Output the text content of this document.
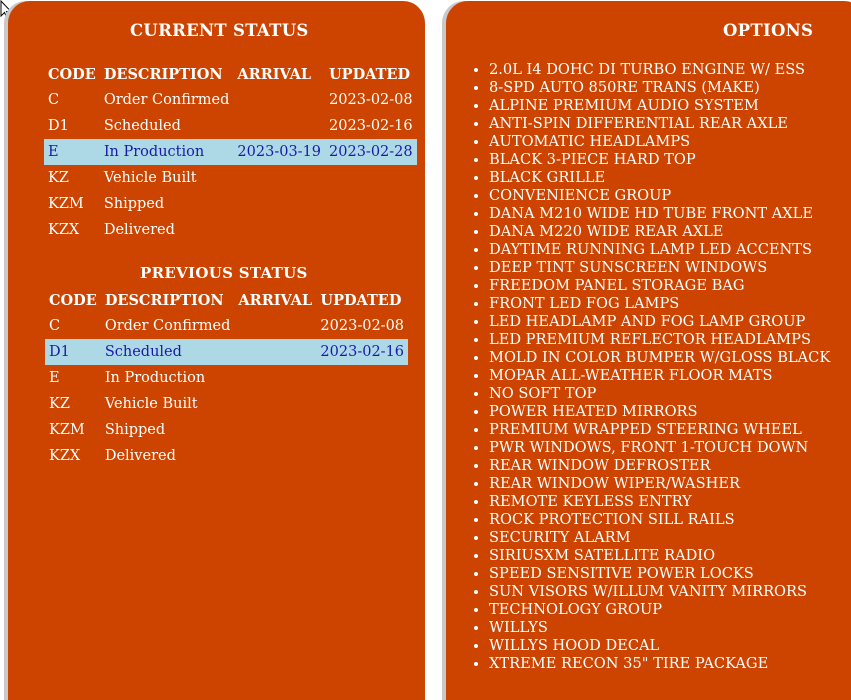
CURRENT STATUS
CODE	DESCRIPTION	ARRIVAL	UPDATED
C	Order Confirmed		2023-02-08
D1	Scheduled		2023-02-16
E	In Production	2023-03-19	2023-02-28
KZ	Vehicle Built		
KZM	Shipped		
KZX	Delivered		
PREVIOUS STATUS
CODE	DESCRIPTION	ARRIVAL	UPDATED
C	Order Confirmed		2023-02-08
D1	Scheduled		2023-02-16
E	In Production		
KZ	Vehicle Built		
KZM	Shipped		
KZX	Delivered		
OPTIONS
• 2.0L I4 DOHC DI TURBO ENGINE W/ ESS
• 8-SPD AUTO 850RE TRANS (MAKE)
• ALPINE PREMIUM AUDIO SYSTEM
• ANTI-SPIN DIFFERENTIAL REAR AXLE
• AUTOMATIC HEADLAMPS
• BLACK 3-PIECE HARD TOP
• BLACK GRILLE
• CONVENIENCE GROUP
• DANA M210 WIDE HD TUBE FRONT AXLE
• DANA M220 WIDE REAR AXLE
• DAYTIME RUNNING LAMP LED ACCENTS
• DEEP TINT SUNSCREEN WINDOWS
• FREEDOM PANEL STORAGE BAG
• FRONT LED FOG LAMPS
• LED HEADLAMP AND FOG LAMP GROUP
• LED PREMIUM REFLECTOR HEADLAMPS
• MOLD IN COLOR BUMPER W/GLOSS BLACK
• MOPAR ALL-WEATHER FLOOR MATS
• NO SOFT TOP
• POWER HEATED MIRRORS
• PREMIUM WRAPPED STEERING WHEEL
• PWR WINDOWS, FRONT 1-TOUCH DOWN
• REAR WINDOW DEFROSTER
• REAR WINDOW WIPER/WASHER
• REMOTE KEYLESS ENTRY
• ROCK PROTECTION SILL RAILS
• SECURITY ALARM
• SIRIUSXM SATELLITE RADIO
• SPEED SENSITIVE POWER LOCKS
• SUN VISORS W/ILLUM VANITY MIRRORS
• TECHNOLOGY GROUP
• WILLYS
• WILLYS HOOD DECAL
• XTREME RECON 35" TIRE PACKAGE
